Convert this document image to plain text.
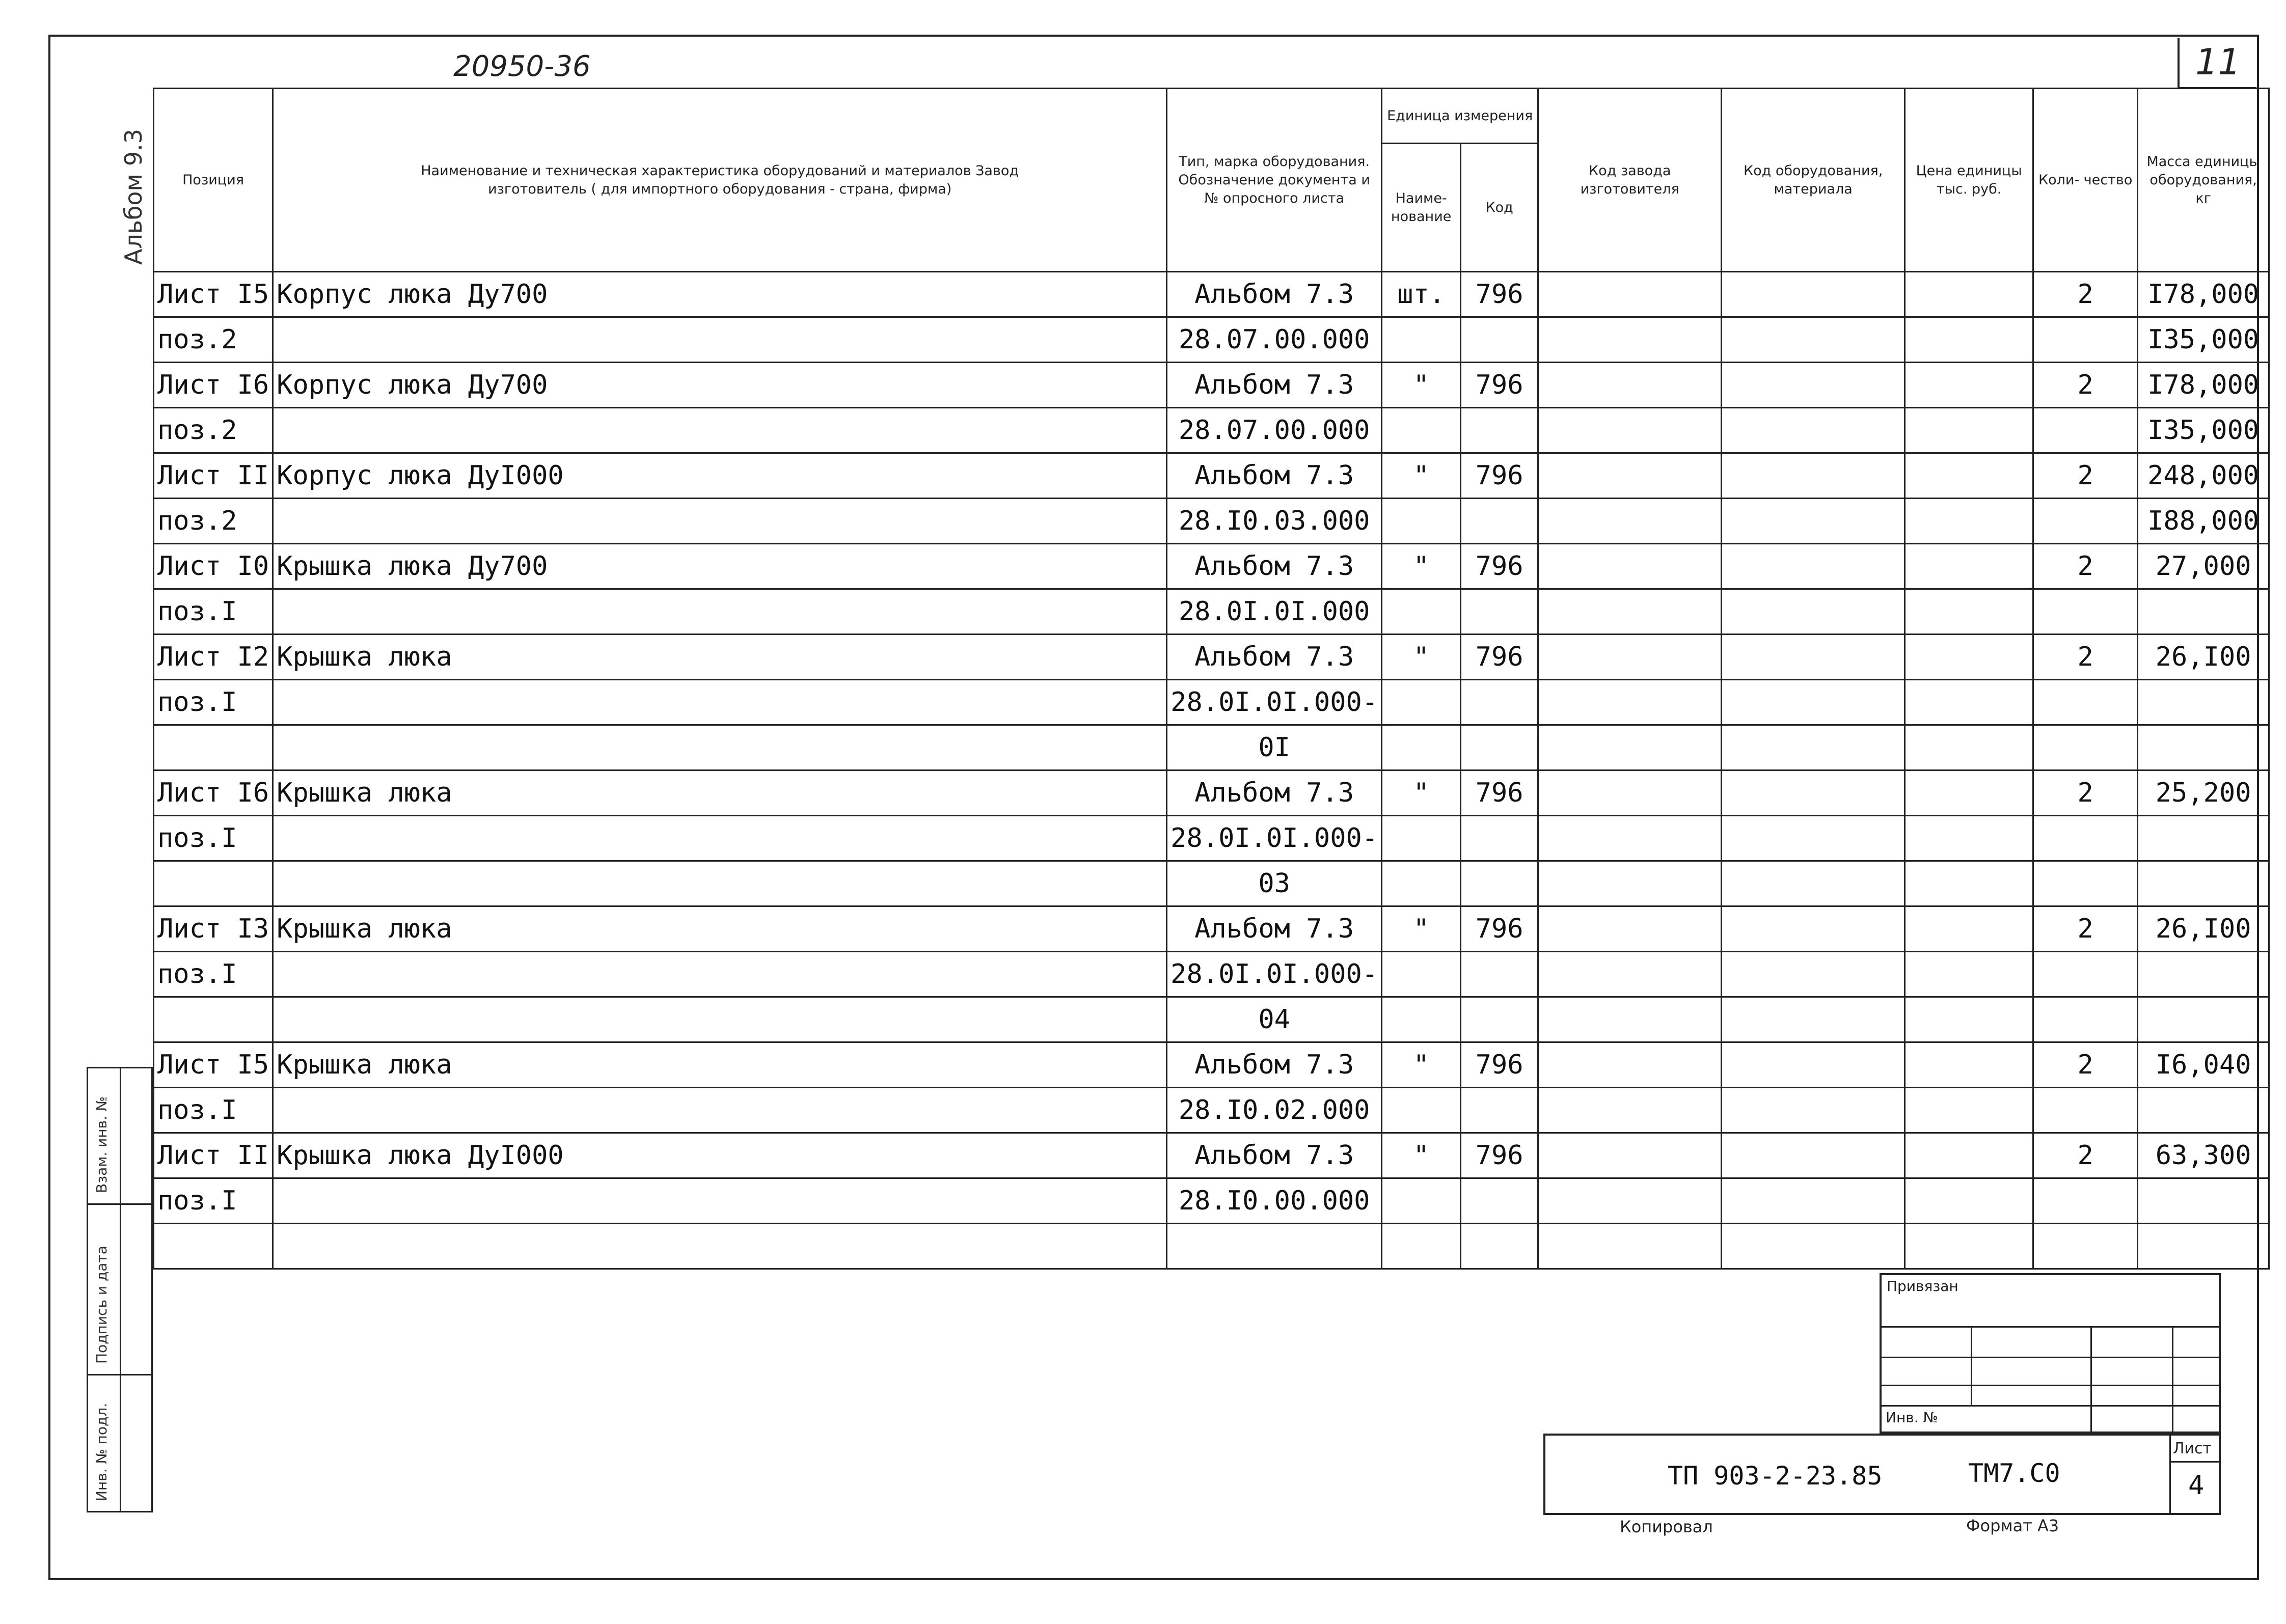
20950-36	11
Альбом 9.3
Взам. инв. №
Подпись и дата
Инв. № подл.
Позиция	Наименование и техническая характеристика оборудований и материалов Завод изготовитель ( для импортного оборудования - страна, фирма)	Тип, марка оборудования. Обозначение документа и № опросного листа	Единица измерения		Код завода изготовителя	Код оборудования, материала	Цена единицы тыс. руб.	Коли- чество	Масса единицы оборудования, кг
			Наиме- нование	Код					
Лист I5	Корпус люка Ду700	Альбом 7.3	шт.	796				2	I78,000
поз.2		28.07.00.000							I35,000
Лист I6	Корпус люка Ду700	Альбом 7.3	"	796				2	I78,000
поз.2		28.07.00.000							I35,000
Лист II	Корпус люка ДуI000	Альбом 7.3	"	796				2	248,000
поз.2		28.I0.03.000							I88,000
Лист I0	Крышка люка Ду700	Альбом 7.3	"	796				2	27,000
поз.I		28.0I.0I.000							
Лист I2	Крышка люка	Альбом 7.3	"	796				2	26,I00
поз.I		28.0I.0I.000-							
		0I							
Лист I6	Крышка люка	Альбом 7.3	"	796				2	25,200
поз.I		28.0I.0I.000-							
		03							
Лист I3	Крышка люка	Альбом 7.3	"	796				2	26,I00
поз.I		28.0I.0I.000-							
		04							
Лист I5	Крышка люка	Альбом 7.3	"	796				2	I6,040
поз.I		28.I0.02.000							
Лист II	Крышка люка ДуI000	Альбом 7.3	"	796				2	63,300
поз.I		28.I0.00.000							

Привязан
Инв. №
ТП 903-2-23.85	ТМ7.С0
Лист
4
Копировал	Формат А3
